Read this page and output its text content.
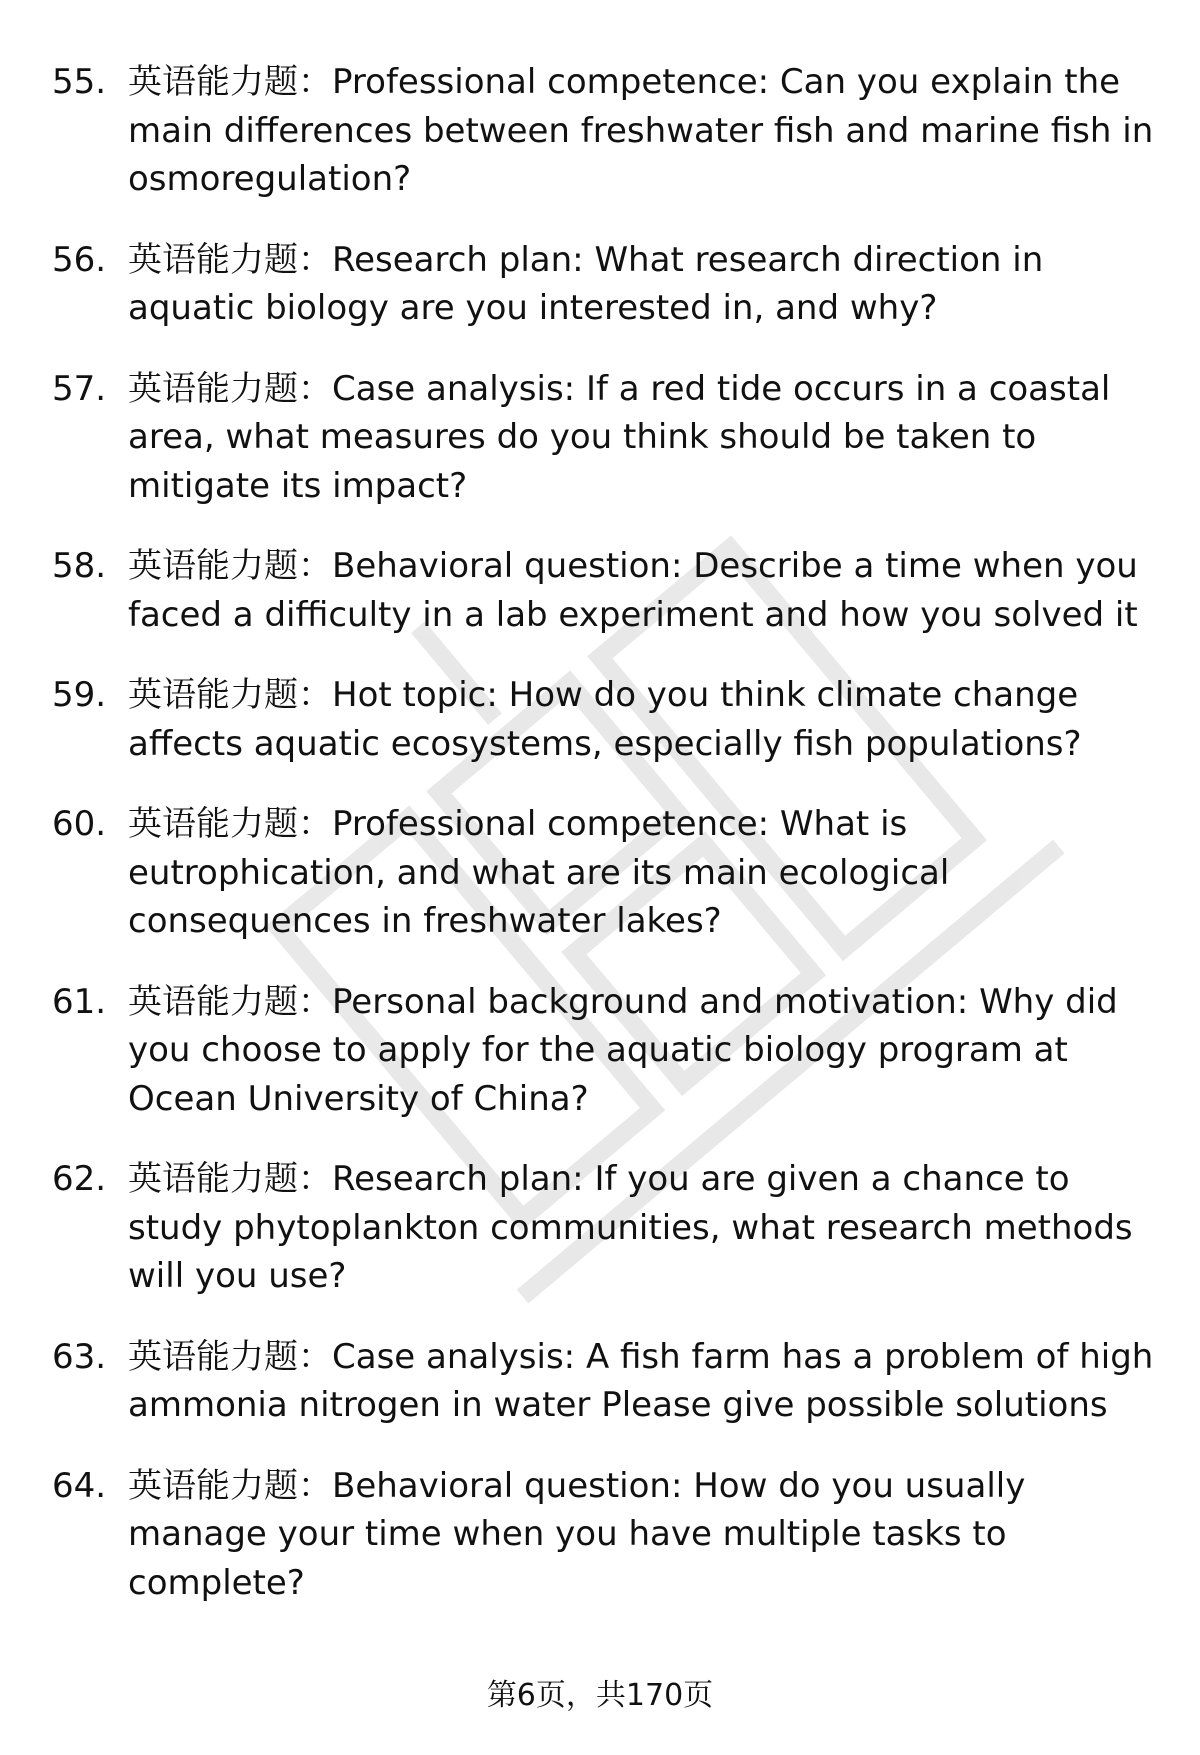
55. 英语能力题：Professional competence: Can you explain the main differences between freshwater fish and marine fish in osmoregulation?
56. 英语能力题：Research plan: What research direction in aquatic biology are you interested in, and why?
57. 英语能力题：Case analysis: If a red tide occurs in a coastal area, what measures do you think should be taken to mitigate its impact?
58. 英语能力题：Behavioral question: Describe a time when you faced a difficulty in a lab experiment and how you solved it
59. 英语能力题：Hot topic: How do you think climate change affects aquatic ecosystems, especially fish populations?
60. 英语能力题：Professional competence: What is eutrophication, and what are its main ecological consequences in freshwater lakes?
61. 英语能力题：Personal background and motivation: Why did you choose to apply for the aquatic biology program at Ocean University of China?
62. 英语能力题：Research plan: If you are given a chance to study phytoplankton communities, what research methods will you use?
63. 英语能力题：Case analysis: A fish farm has a problem of high ammonia nitrogen in water Please give possible solutions
64. 英语能力题：Behavioral question: How do you usually manage your time when you have multiple tasks to complete?
第6页，共170页
